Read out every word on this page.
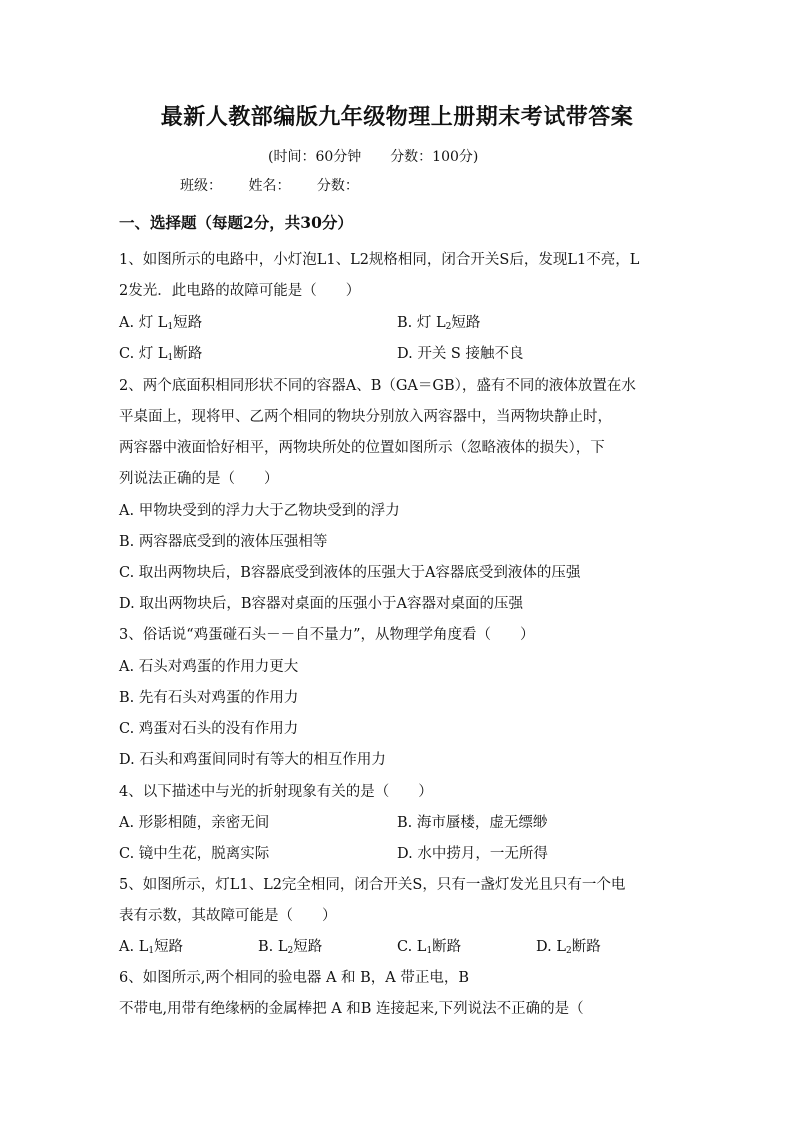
最新人教部编版九年级物理上册期末考试带答案
(时间：60分钟 分数：100分)
班级： 姓名： 分数：
一、选择题（每题2分，共30分）
1、如图所示的电路中，小灯泡L1、L2规格相同，闭合开关S后，发现L1不亮，L
2发光．此电路的故障可能是（　　）
A. 灯 $L_1$短路	B. 灯 $L_2$短路
C. 灯 $L_1$断路	D. 开关 S 接触不良
2、两个底面积相同形状不同的容器A、B（GA＝GB），盛有不同的液体放置在水
平桌面上，现将甲、乙两个相同的物块分别放入两容器中，当两物块静止时，
两容器中液面恰好相平，两物块所处的位置如图所示（忽略液体的损失），下
列说法正确的是（　　）
A. 甲物块受到的浮力大于乙物块受到的浮力
B. 两容器底受到的液体压强相等
C. 取出两物块后，B容器底受到液体的压强大于A容器底受到液体的压强
D. 取出两物块后，B容器对桌面的压强小于A容器对桌面的压强
3、俗话说“鸡蛋碰石头－－自不量力”，从物理学角度看（　　）
A. 石头对鸡蛋的作用力更大
B. 先有石头对鸡蛋的作用力
C. 鸡蛋对石头的没有作用力
D. 石头和鸡蛋间同时有等大的相互作用力
4、以下描述中与光的折射现象有关的是（　　）
A. 形影相随，亲密无间	B. 海市蜃楼，虚无缥缈
C. 镜中生花，脱离实际	D. 水中捞月，一无所得
5、如图所示，灯L1、L2完全相同，闭合开关S，只有一盏灯发光且只有一个电
表有示数，其故障可能是（　　）
A. $L_1$短路	B. $L_2$短路	C. $L_1$断路	D. $L_2$断路
6、如图所示,两个相同的验电器 A 和 B，A 带正电，B
不带电,用带有绝缘柄的金属棒把 A 和B 连接起来,下列说法不正确的是（
